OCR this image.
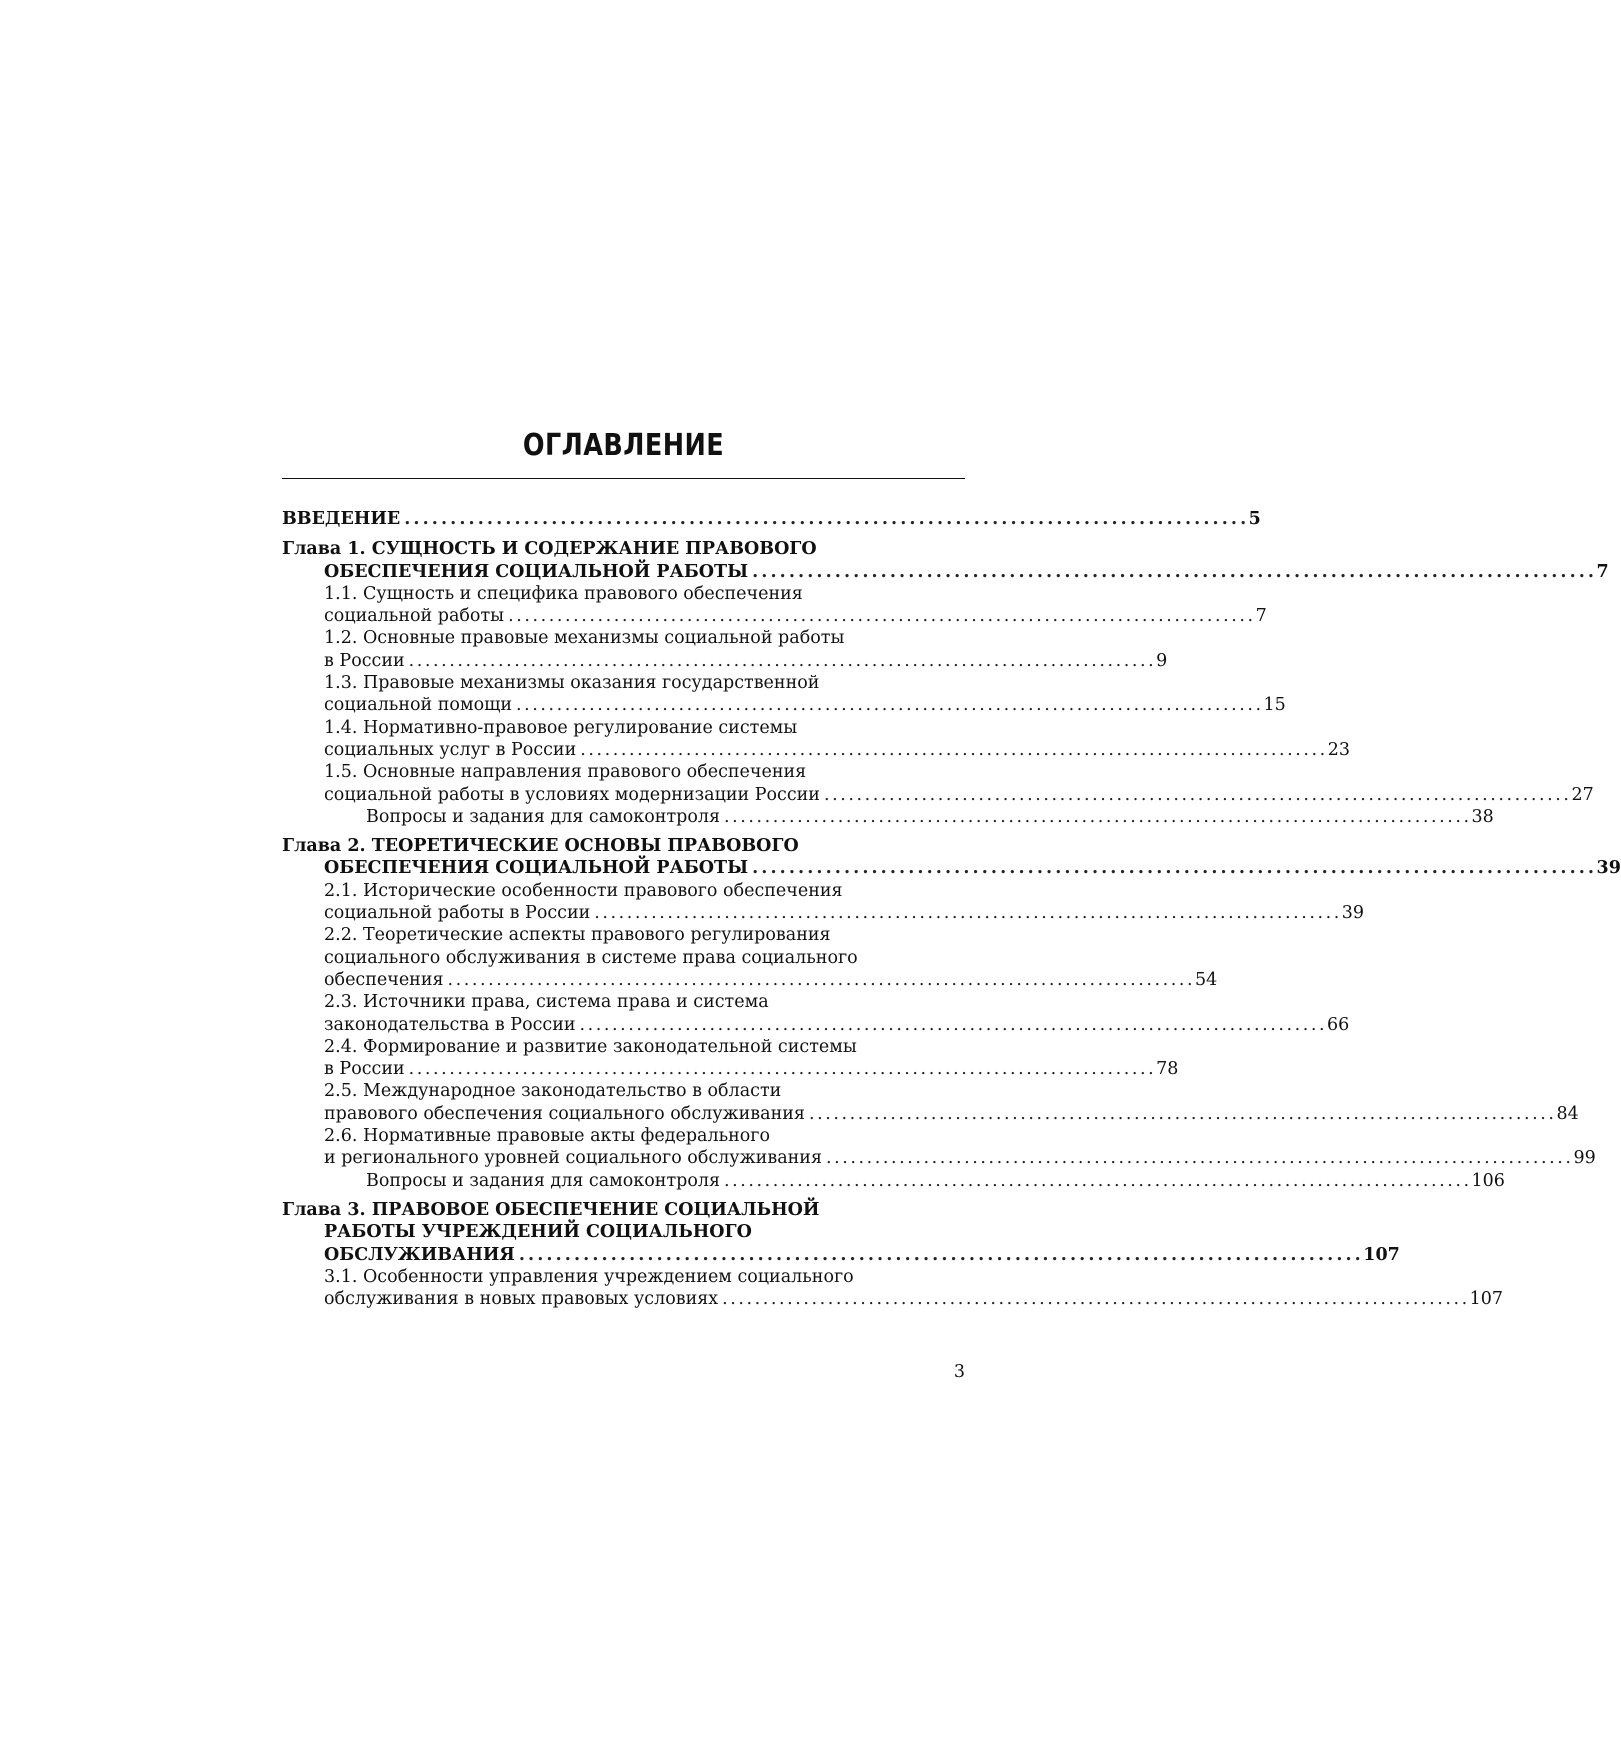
ОГЛАВЛЕНИЕ
ВВЕДЕНИЕ . . .	5
Глава 1. СУЩНОСТЬ И СОДЕРЖАНИЕ ПРАВОВОГО
ОБЕСПЕЧЕНИЯ СОЦИАЛЬНОЙ РАБОТЫ . . .	7
1.1. Сущность и специфика правового обеспечения
социальной работы . . .	7
1.2. Основные правовые механизмы социальной работы
в России . . .	9
1.3. Правовые механизмы оказания государственной
социальной помощи . . .	15
1.4. Нормативно-правовое регулирование системы
социальных услуг в России . . .	23
1.5. Основные направления правового обеспечения
социальной работы в условиях модернизации России . . .	27
Вопросы и задания для самоконтроля . . .	38
Глава 2. ТЕОРЕТИЧЕСКИЕ ОСНОВЫ ПРАВОВОГО
ОБЕСПЕЧЕНИЯ СОЦИАЛЬНОЙ РАБОТЫ . . .	39
2.1. Исторические особенности правового обеспечения
социальной работы в России . . .	39
2.2. Теоретические аспекты правового регулирования
социального обслуживания в системе права социального
обеспечения . . .	54
2.3. Источники права, система права и система
законодательства в России . . .	66
2.4. Формирование и развитие законодательной системы
в России . . .	78
2.5. Международное законодательство в области
правового обеспечения социального обслуживания . . .	84
2.6. Нормативные правовые акты федерального
и регионального уровней социального обслуживания . . .	99
Вопросы и задания для самоконтроля . . .	106
Глава 3. ПРАВОВОЕ ОБЕСПЕЧЕНИЕ СОЦИАЛЬНОЙ
РАБОТЫ УЧРЕЖДЕНИЙ СОЦИАЛЬНОГО
ОБСЛУЖИВАНИЯ . . .	107
3.1. Особенности управления учреждением социального
обслуживания в новых правовых условиях . . .	107
3
